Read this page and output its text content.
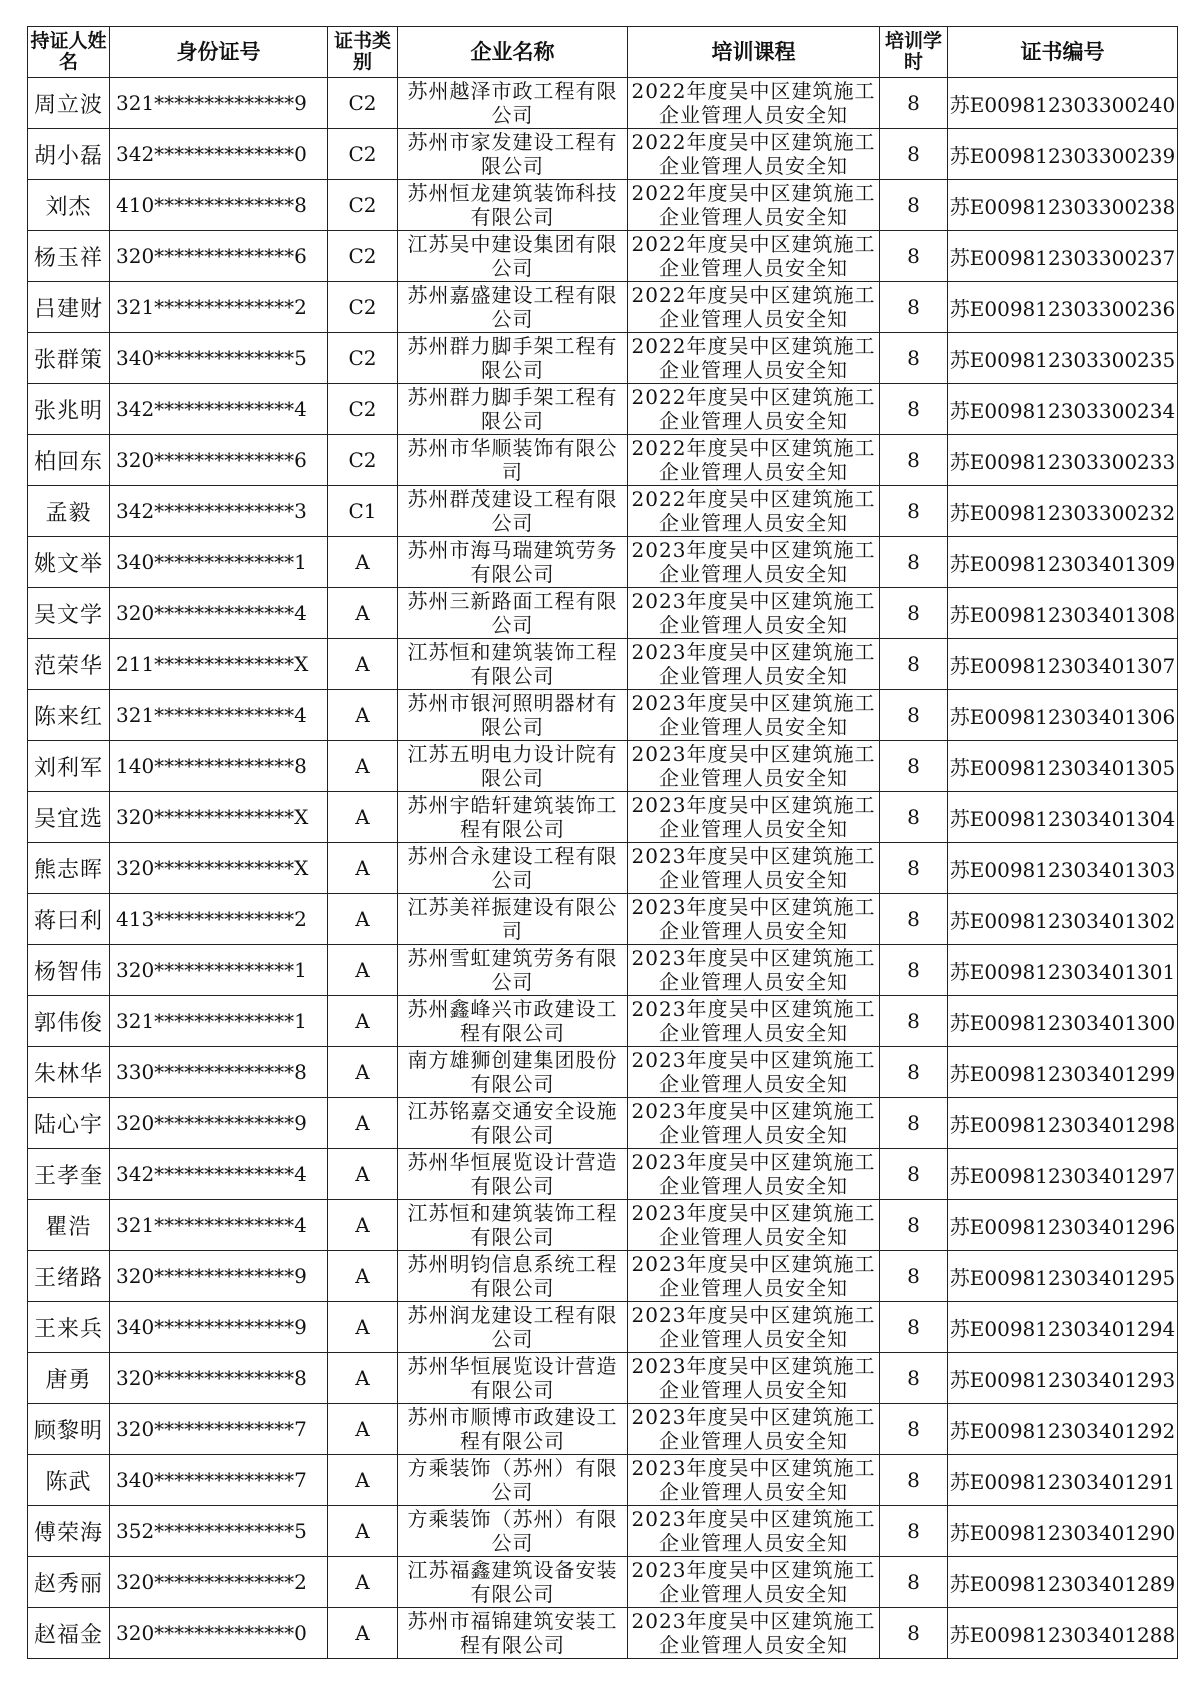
持证人姓名	身份证号	证书类别	企业名称	培训课程	培训学时	证书编号
周立波	321**************9	C2	苏州越泽市政工程有限公司	2022年度吴中区建筑施工企业管理人员安全知	8	苏E009812303300240
胡小磊	342**************0	C2	苏州市家发建设工程有限公司	2022年度吴中区建筑施工企业管理人员安全知	8	苏E009812303300239
刘杰	410**************8	C2	苏州恒龙建筑装饰科技有限公司	2022年度吴中区建筑施工企业管理人员安全知	8	苏E009812303300238
杨玉祥	320**************6	C2	江苏吴中建设集团有限公司	2022年度吴中区建筑施工企业管理人员安全知	8	苏E009812303300237
吕建财	321**************2	C2	苏州嘉盛建设工程有限公司	2022年度吴中区建筑施工企业管理人员安全知	8	苏E009812303300236
张群策	340**************5	C2	苏州群力脚手架工程有限公司	2022年度吴中区建筑施工企业管理人员安全知	8	苏E009812303300235
张兆明	342**************4	C2	苏州群力脚手架工程有限公司	2022年度吴中区建筑施工企业管理人员安全知	8	苏E009812303300234
柏回东	320**************6	C2	苏州市华顺装饰有限公司	2022年度吴中区建筑施工企业管理人员安全知	8	苏E009812303300233
孟毅	342**************3	C1	苏州群茂建设工程有限公司	2022年度吴中区建筑施工企业管理人员安全知	8	苏E009812303300232
姚文举	340**************1	A	苏州市海马瑞建筑劳务有限公司	2023年度吴中区建筑施工企业管理人员安全知	8	苏E009812303401309
吴文学	320**************4	A	苏州三新路面工程有限公司	2023年度吴中区建筑施工企业管理人员安全知	8	苏E009812303401308
范荣华	211**************X	A	江苏恒和建筑装饰工程有限公司	2023年度吴中区建筑施工企业管理人员安全知	8	苏E009812303401307
陈来红	321**************4	A	苏州市银河照明器材有限公司	2023年度吴中区建筑施工企业管理人员安全知	8	苏E009812303401306
刘利军	140**************8	A	江苏五明电力设计院有限公司	2023年度吴中区建筑施工企业管理人员安全知	8	苏E009812303401305
吴宜选	320**************X	A	苏州宇皓轩建筑装饰工程有限公司	2023年度吴中区建筑施工企业管理人员安全知	8	苏E009812303401304
熊志晖	320**************X	A	苏州合永建设工程有限公司	2023年度吴中区建筑施工企业管理人员安全知	8	苏E009812303401303
蒋曰利	413**************2	A	江苏美祥振建设有限公司	2023年度吴中区建筑施工企业管理人员安全知	8	苏E009812303401302
杨智伟	320**************1	A	苏州雪虹建筑劳务有限公司	2023年度吴中区建筑施工企业管理人员安全知	8	苏E009812303401301
郭伟俊	321**************1	A	苏州鑫峰兴市政建设工程有限公司	2023年度吴中区建筑施工企业管理人员安全知	8	苏E009812303401300
朱林华	330**************8	A	南方雄狮创建集团股份有限公司	2023年度吴中区建筑施工企业管理人员安全知	8	苏E009812303401299
陆心宇	320**************9	A	江苏铭嘉交通安全设施有限公司	2023年度吴中区建筑施工企业管理人员安全知	8	苏E009812303401298
王孝奎	342**************4	A	苏州华恒展览设计营造有限公司	2023年度吴中区建筑施工企业管理人员安全知	8	苏E009812303401297
瞿浩	321**************4	A	江苏恒和建筑装饰工程有限公司	2023年度吴中区建筑施工企业管理人员安全知	8	苏E009812303401296
王绪路	320**************9	A	苏州明钧信息系统工程有限公司	2023年度吴中区建筑施工企业管理人员安全知	8	苏E009812303401295
王来兵	340**************9	A	苏州润龙建设工程有限公司	2023年度吴中区建筑施工企业管理人员安全知	8	苏E009812303401294
唐勇	320**************8	A	苏州华恒展览设计营造有限公司	2023年度吴中区建筑施工企业管理人员安全知	8	苏E009812303401293
顾黎明	320**************7	A	苏州市顺博市政建设工程有限公司	2023年度吴中区建筑施工企业管理人员安全知	8	苏E009812303401292
陈武	340**************7	A	方乘装饰（苏州）有限公司	2023年度吴中区建筑施工企业管理人员安全知	8	苏E009812303401291
傅荣海	352**************5	A	方乘装饰（苏州）有限公司	2023年度吴中区建筑施工企业管理人员安全知	8	苏E009812303401290
赵秀丽	320**************2	A	江苏福鑫建筑设备安装有限公司	2023年度吴中区建筑施工企业管理人员安全知	8	苏E009812303401289
赵福金	320**************0	A	苏州市福锦建筑安装工程有限公司	2023年度吴中区建筑施工企业管理人员安全知	8	苏E009812303401288
